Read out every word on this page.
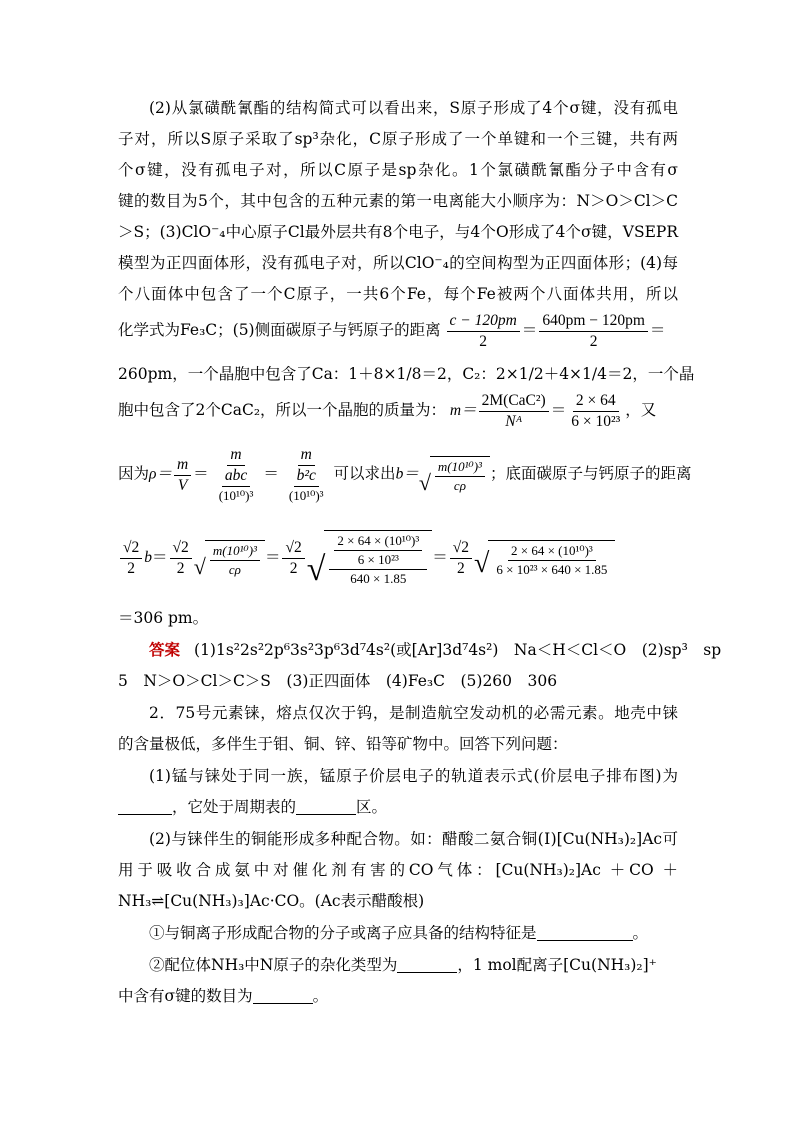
(2)从氯磺酰氰酯的结构简式可以看出来，S原子形成了4个σ键，没有孤电
子对，所以S原子采取了sp³杂化，C原子形成了一个单键和一个三键，共有两
个σ键，没有孤电子对，所以C原子是sp杂化。1个氯磺酰氰酯分子中含有σ
键的数目为5个，其中包含的五种元素的第一电离能大小顺序为：N＞O＞Cl＞C
＞S；(3)ClO⁻₄中心原子Cl最外层共有8个电子，与4个O形成了4个σ键，VSEPR
模型为正四面体形，没有孤电子对，所以ClO⁻₄的空间构型为正四面体形；(4)每
个八面体中包含了一个C原子，一共6个Fe，每个Fe被两个八面体共用，所以
化学式为Fe₃C；(5)侧面碳原子与钙原子的距离 $\frac{c - 120pm}{2} = \frac{640pm - 120pm}{2}$ ＝
260pm，一个晶胞中包含了Ca：1＋8×1/8＝2，C₂：2×1/2＋4×1/4＝2，一个晶
胞中包含了2个CaC₂，所以一个晶胞的质量为： $m= \frac{\text{2M(CaC²)}}{\text{Nᴬ}} = \frac{2 \times 64}{\text{6 × 10²³}}$ ，又
因为$\rho= \frac{m}{V} = \frac{m}{\frac{\text{abc}}{\text{(10¹⁰)³}}} = \frac{m}{\frac{\text{b²c}}{\text{(10¹⁰)³}}}$ 可以求出b＝ √ $\frac{\text{m(10¹⁰)³}}{c\rho}$ ；底面碳原子与钙原子的距离
$\frac{√2}{2} b= \frac{√2}{2}$ √ $\frac{\text{m(10¹⁰)³}}{c\rho} = \frac{√2}{2}$ √ $\frac{\frac{\text{2 × 64 × (10¹⁰)³}}{\text{6 × 10²³}}}{640 \times 1.85} = \frac{√2}{2}$ √ $\frac{\text{2 × 64 × (10¹⁰)³}}{\text{6 × 10²³ × 640 × 1.85}}$
＝306 pm。
答案 (1)1s²2s²2p⁶3s²3p⁶3d⁷4s²(或[Ar]3d⁷4s²)　Na＜H＜Cl＜O　(2)sp³　sp
5　N＞O＞Cl＞C＞S　(3)正四面体　(4)Fe₃C　(5)260　306
2．75号元素铼，熔点仅次于钨，是制造航空发动机的必需元素。地壳中铼
的含量极低，多伴生于钼、铜、锌、铅等矿物中。回答下列问题：
(1)锰与铼处于同一族，锰原子价层电子的轨道表示式(价层电子排布图)为
，它处于周期表的	区。
(2)与铼伴生的铜能形成多种配合物。如：醋酸二氨合铜(Ⅰ)[Cu(NH₃)₂]Ac可
用于吸收合成氨中对催化剂有害的CO气体：[Cu(NH₃)₂]Ac ＋CO ＋
NH₃⇌[Cu(NH₃)₃]Ac·CO。(Ac表示醋酸根)
①与铜离子形成配合物的分子或离子应具备的结构特征是	。
②配位体NH₃中N原子的杂化类型为	，1 mol配离子[Cu(NH₃)₂]⁺
中含有σ键的数目为	。
